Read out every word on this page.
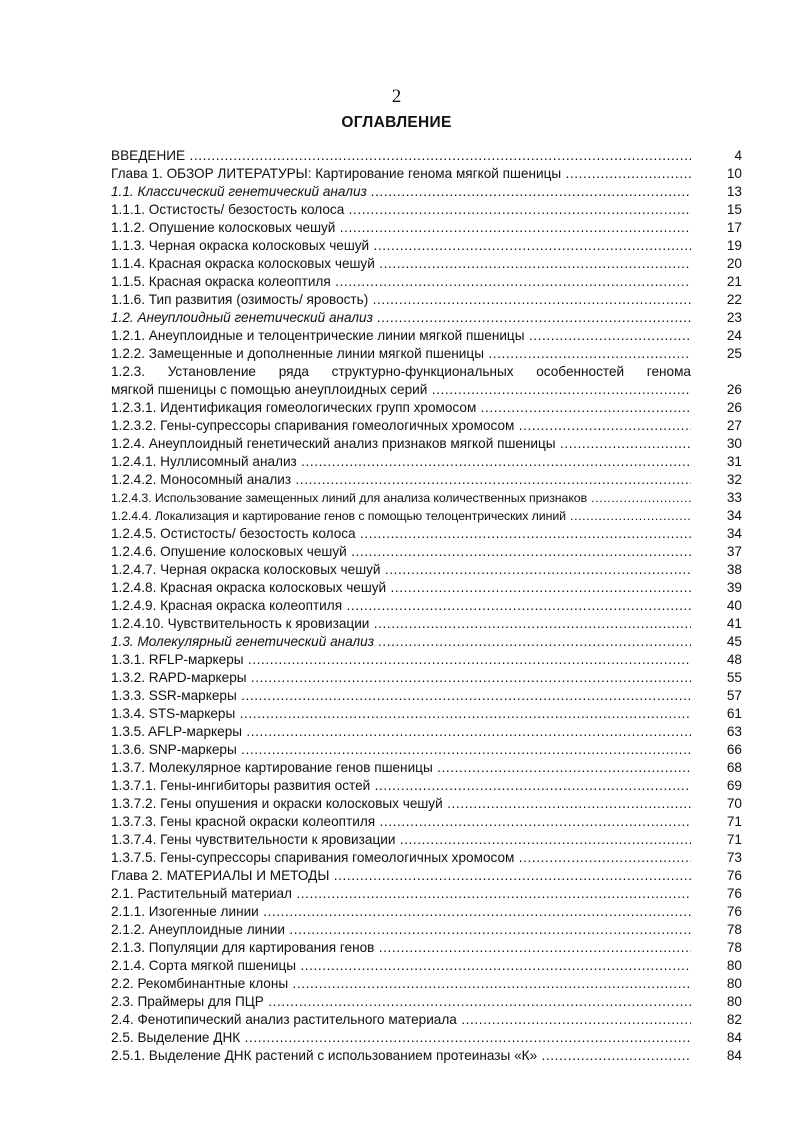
2
ОГЛАВЛЕНИЕ
ВВЕДЕНИЕ .....	4
Глава 1. ОБЗОР ЛИТЕРАТУРЫ: Картирование генома мягкой пшеницы .....	10
1.1. Классический генетический анализ .....	13
1.1.1. Остистость/ безостость колоса .....	15
1.1.2. Опушение колосковых чешуй .....	17
1.1.3. Черная окраска колосковых чешуй .....	19
1.1.4. Красная окраска колосковых чешуй .....	20
1.1.5. Красная окраска колеоптиля .....	21
1.1.6. Тип развития (озимость/ яровость) .....	22
1.2. Анеуплоидный генетический анализ .....	23
1.2.1. Анеуплоидные и телоцентрические линии мягкой пшеницы .....	24
1.2.2. Замещенные и дополненные линии мягкой пшеницы .....	25
1.2.3. Установление ряда структурно-функциональных особенностей генома
мягкой пшеницы с помощью анеуплоидных серий .....	26
1.2.3.1. Идентификация гомеологических групп хромосом .....	26
1.2.3.2. Гены-супрессоры спаривания гомеологичных хромосом .....	27
1.2.4. Анеуплоидный генетический анализ признаков мягкой пшеницы .....	30
1.2.4.1. Нуллисомный анализ .....	31
1.2.4.2. Моносомный анализ .....	32
1.2.4.3. Использование замещенных линий для анализа количественных признаков .....	33
1.2.4.4. Локализация и картирование генов с помощью телоцентрических линий .....	34
1.2.4.5. Остистость/ безостость колоса .....	34
1.2.4.6. Опушение колосковых чешуй .....	37
1.2.4.7. Черная окраска колосковых чешуй .....	38
1.2.4.8. Красная окраска колосковых чешуй .....	39
1.2.4.9. Красная окраска колеоптиля .....	40
1.2.4.10. Чувствительность к яровизации .....	41
1.3. Молекулярный генетический анализ .....	45
1.3.1. RFLP-маркеры .....	48
1.3.2. RAPD-маркеры .....	55
1.3.3. SSR-маркеры .....	57
1.3.4. STS-маркеры .....	61
1.3.5. AFLP-маркеры .....	63
1.3.6. SNP-маркеры .....	66
1.3.7. Молекулярное картирование генов пшеницы .....	68
1.3.7.1. Гены-ингибиторы развития остей .....	69
1.3.7.2. Гены опушения и окраски колосковых чешуй .....	70
1.3.7.3. Гены красной окраски колеоптиля .....	71
1.3.7.4. Гены чувствительности к яровизации .....	71
1.3.7.5. Гены-супрессоры спаривания гомеологичных хромосом .....	73
Глава 2. МАТЕРИАЛЫ И МЕТОДЫ .....	76
2.1. Растительный материал .....	76
2.1.1. Изогенные линии .....	76
2.1.2. Анеуплоидные линии .....	78
2.1.3. Популяции для картирования генов .....	78
2.1.4. Сорта мягкой пшеницы .....	80
2.2. Рекомбинантные клоны .....	80
2.3. Праймеры для ПЦР .....	80
2.4. Фенотипический анализ растительного материала .....	82
2.5. Выделение ДНК .....	84
2.5.1. Выделение ДНК растений с использованием протеиназы «К» .....	84
